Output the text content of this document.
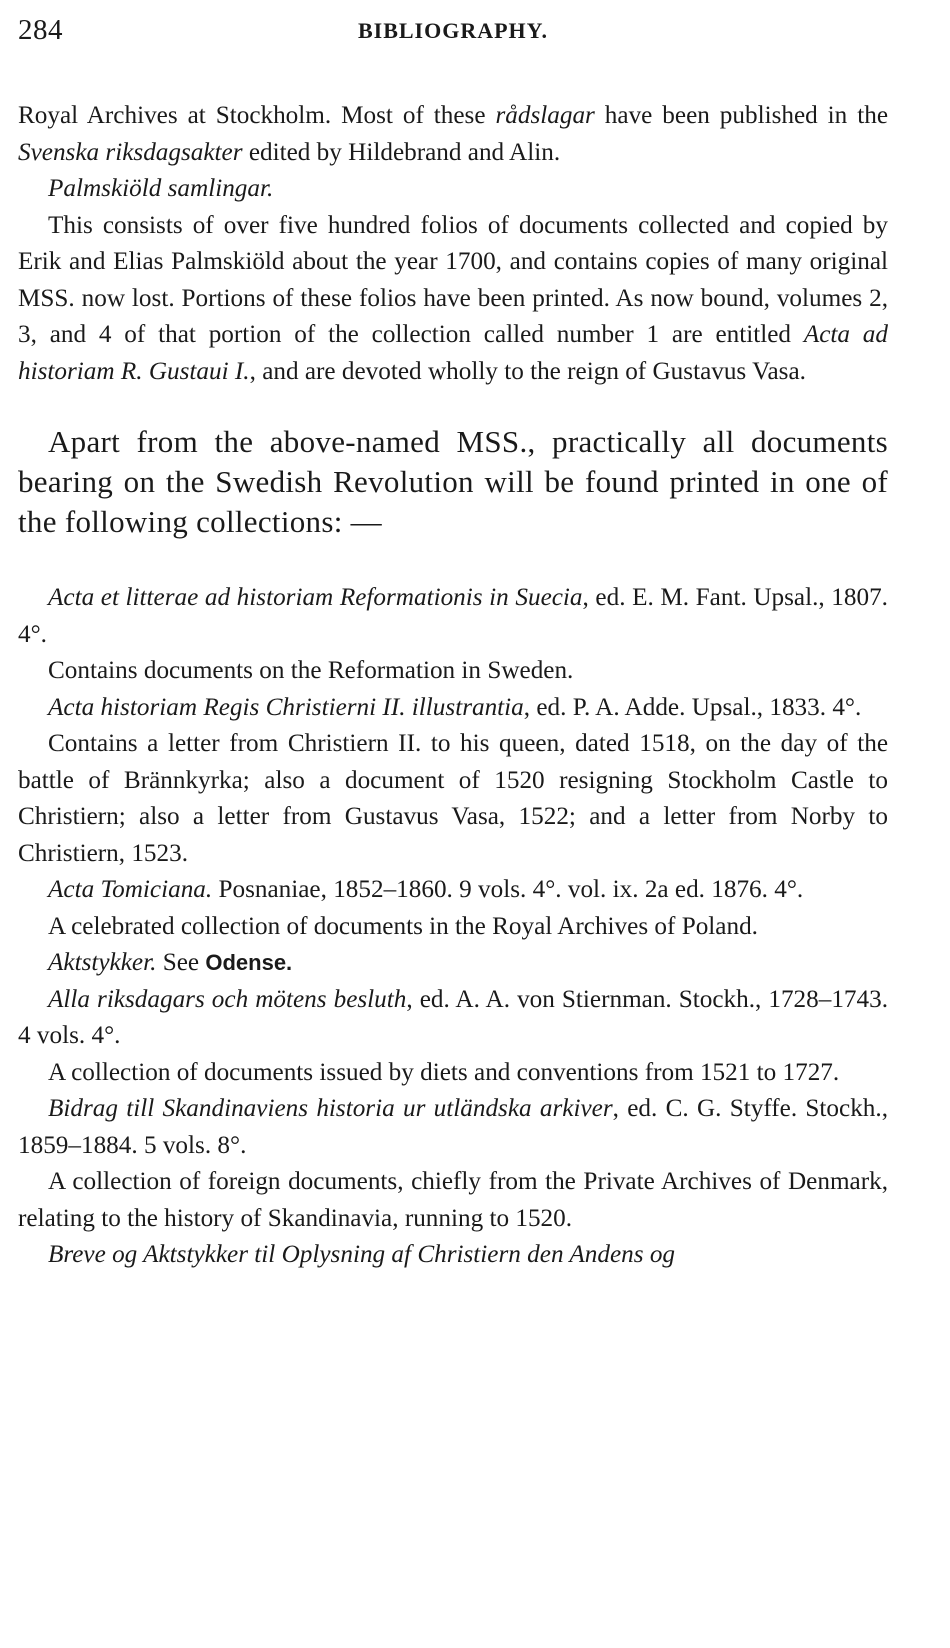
284	BIBLIOGRAPHY.

Royal Archives at Stockholm. Most of these rådslagar have been published in the Svenska riksdagsakter edited by Hildebrand and Alin.

Palmskiöld samlingar.

This consists of over five hundred folios of documents collected and copied by Erik and Elias Palmskiöld about the year 1700, and contains copies of many original MSS. now lost. Portions of these folios have been printed. As now bound, volumes 2, 3, and 4 of that portion of the collection called number 1 are entitled Acta ad historiam R. Gustaui I., and are devoted wholly to the reign of Gustavus Vasa.

Apart from the above-named MSS., practically all documents bearing on the Swedish Revolution will be found printed in one of the following collections: —

Acta et litterae ad historiam Reformationis in Suecia, ed. E. M. Fant. Upsal., 1807. 4°.

Contains documents on the Reformation in Sweden.

Acta historiam Regis Christierni II. illustrantia, ed. P. A. Adde. Upsal., 1833. 4°.

Contains a letter from Christiern II. to his queen, dated 1518, on the day of the battle of Brännkyrka; also a document of 1520 resigning Stockholm Castle to Christiern; also a letter from Gustavus Vasa, 1522; and a letter from Norby to Christiern, 1523.

Acta Tomiciana. Posnaniae, 1852–1860. 9 vols. 4°. vol. ix. 2a ed. 1876. 4°.

A celebrated collection of documents in the Royal Archives of Poland.

Aktstykker. See Odense.

Alla riksdagars och mötens besluth, ed. A. A. von Stiernman. Stockh., 1728–1743. 4 vols. 4°.

A collection of documents issued by diets and conventions from 1521 to 1727.

Bidrag till Skandinaviens historia ur utländska arkiver, ed. C. G. Styffe. Stockh., 1859–1884. 5 vols. 8°.

A collection of foreign documents, chiefly from the Private Archives of Denmark, relating to the history of Skandinavia, running to 1520.

Breve og Aktstykker til Oplysning af Christiern den Andens og
